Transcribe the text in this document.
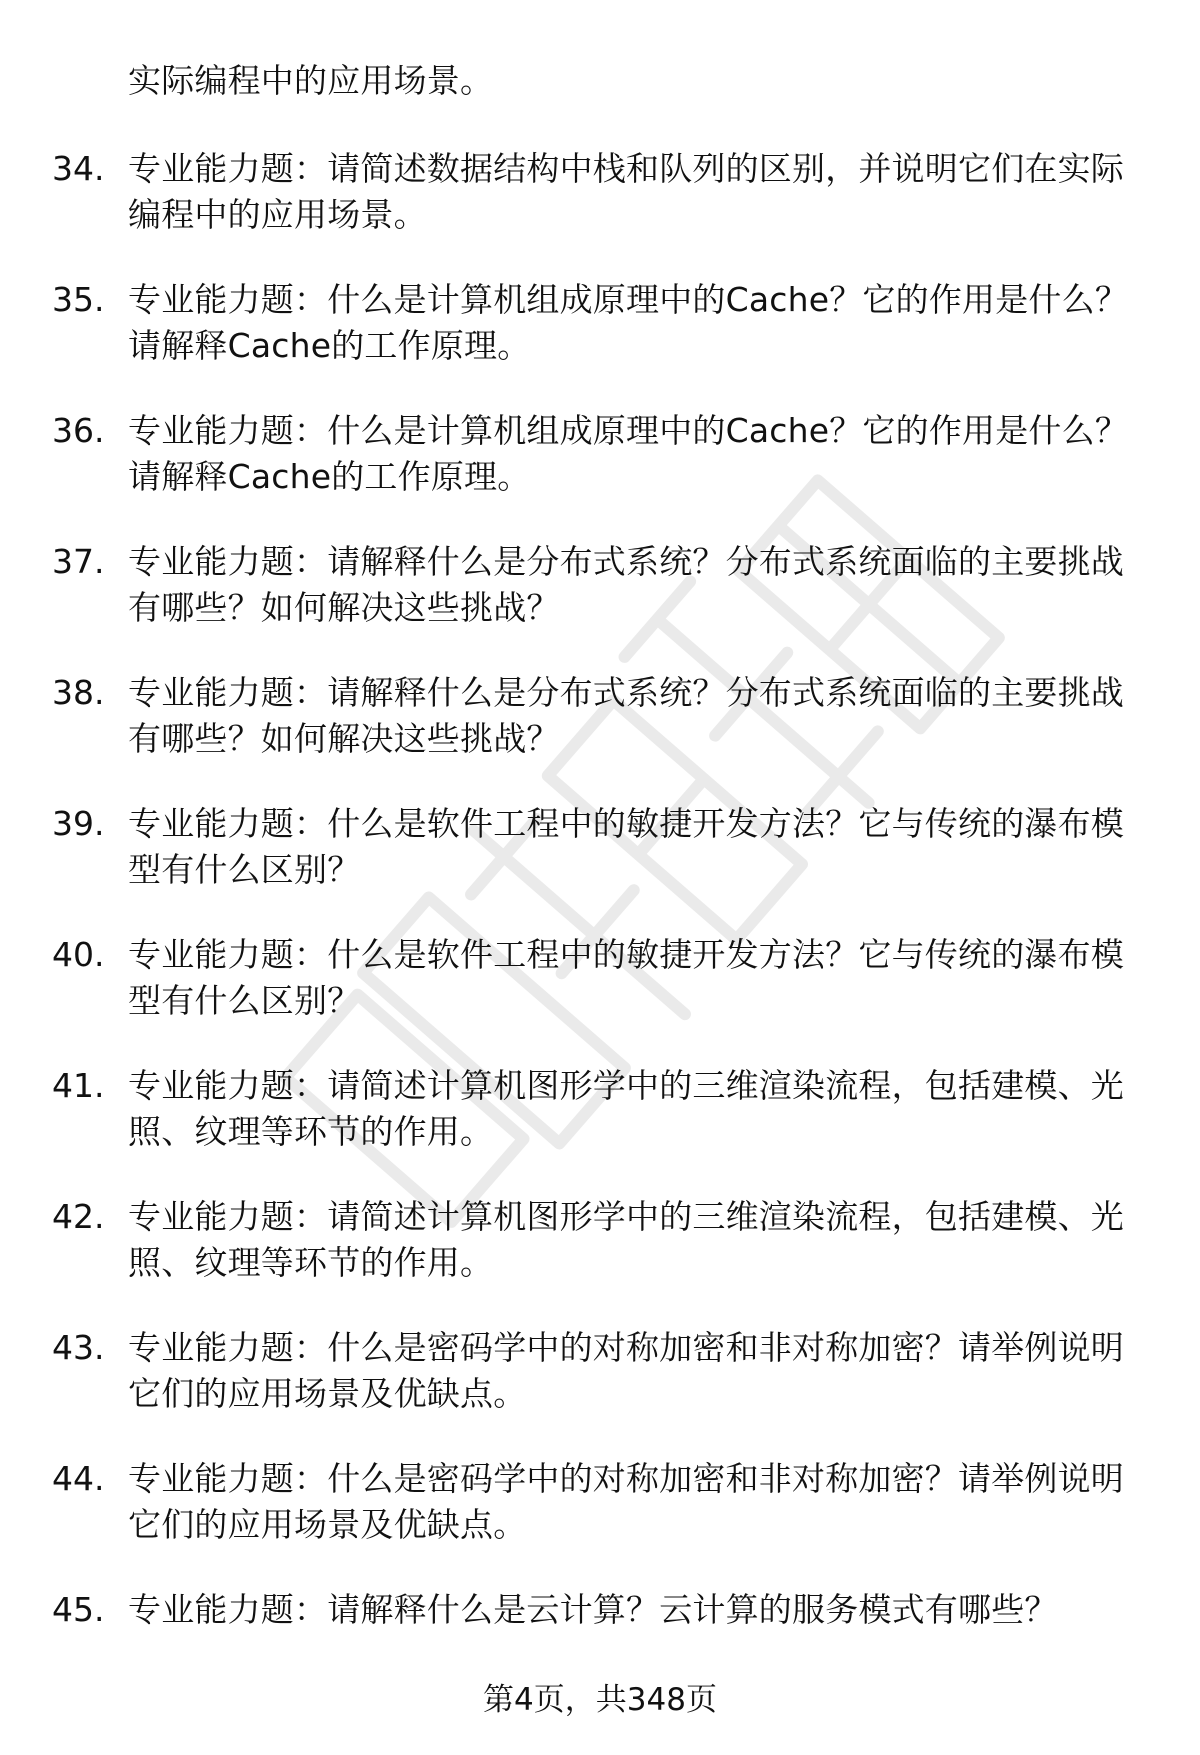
实际编程中的应用场景。
34. 专业能力题：请简述数据结构中栈和队列的区别，并说明它们在实际编程中的应用场景。
35. 专业能力题：什么是计算机组成原理中的Cache？它的作用是什么？请解释Cache的工作原理。
36. 专业能力题：什么是计算机组成原理中的Cache？它的作用是什么？请解释Cache的工作原理。
37. 专业能力题：请解释什么是分布式系统？分布式系统面临的主要挑战有哪些？如何解决这些挑战？
38. 专业能力题：请解释什么是分布式系统？分布式系统面临的主要挑战有哪些？如何解决这些挑战？
39. 专业能力题：什么是软件工程中的敏捷开发方法？它与传统的瀑布模型有什么区别？
40. 专业能力题：什么是软件工程中的敏捷开发方法？它与传统的瀑布模型有什么区别？
41. 专业能力题：请简述计算机图形学中的三维渲染流程，包括建模、光照、纹理等环节的作用。
42. 专业能力题：请简述计算机图形学中的三维渲染流程，包括建模、光照、纹理等环节的作用。
43. 专业能力题：什么是密码学中的对称加密和非对称加密？请举例说明它们的应用场景及优缺点。
44. 专业能力题：什么是密码学中的对称加密和非对称加密？请举例说明它们的应用场景及优缺点。
45. 专业能力题：请解释什么是云计算？云计算的服务模式有哪些？
第4页，共348页
